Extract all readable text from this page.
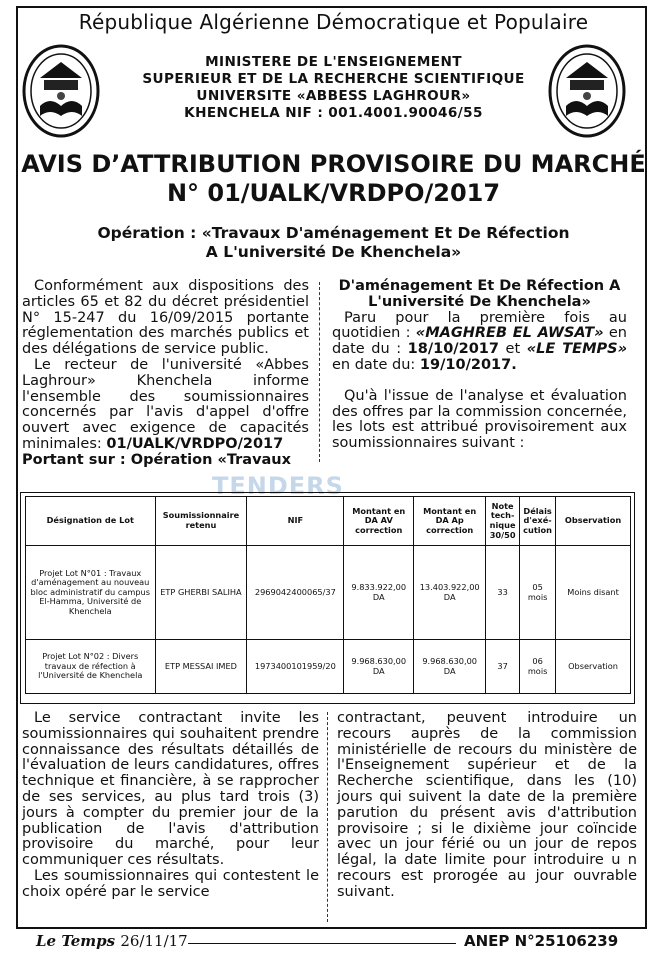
République Algérienne Démocratique et Populaire
MINISTERE DE L'ENSEIGNEMENT
SUPERIEUR ET DE LA RECHERCHE SCIENTIFIQUE
UNIVERSITE «ABBESS LAGHROUR»
KHENCHELA NIF : 001.4001.90046/55
AVIS D’ATTRIBUTION PROVISOIRE DU MARCHÉ
N° 01/UALK/VRDPO/2017
Opération : «Travaux D'aménagement Et De Réfection
A L'université De Khenchela»

Conformément aux dispositions des articles 65 et 82 du décret présidentiel N° 15-247 du 16/09/2015 portante réglementation des marchés publics et des délégations de service public.

Le recteur de l'université «Abbes Laghrour» Khenchela informe l'ensemble des soumissionnaires concernés par l'avis d'appel d'offre ouvert avec exigence de capacités minimales: 01/UALK/VRDPO/2017

Portant sur : Opération «Travaux

D'aménagement Et De Réfection A L'université De Khenchela»

Paru pour la première fois au quotidien : «MAGHREB EL AWSAT» en date du : 18/10/2017 et «LE TEMPS» en date du: 19/10/2017.

Qu'à l'issue de l'analyse et évaluation des offres par la commission concernée, les lots est attribué provisoirement aux soumissionnaires suivant :

TENDERS
Désignation de Lot	Soumissionnaire retenu	NIF	Montant en DA AV correction	Montant en DA Ap correction	Note tech-nique 30/50	Délais d'exé-cution	Observation
Projet Lot N°01 : Travaux d'aménagement au nouveau bloc administratif du campus El-Hamma, Université de Khenchela	ETP GHERBI SALIHA	2969042400065/37	9.833.922,00 DA	13.403.922,00 DA	33	05 mois	Moins disant
Projet Lot N°02 : Divers travaux de réfection à l'Université de Khenchela	ETP MESSAI IMED	1973400101959/20	9.968.630,00 DA	9.968.630,00 DA	37	06 mois	Observation

Le service contractant invite les soumissionnaires qui souhaitent prendre connaissance des résultats détaillés de l'évaluation de leurs candidatures, offres technique et financière, à se rapprocher de ses services, au plus tard trois (3) jours à compter du premier jour de la publication de l'avis d'attribution provisoire du marché, pour leur communiquer ces résultats.

Les soumissionnaires qui contestent le choix opéré par le service

contractant, peuvent introduire un recours auprès de la commission ministérielle de recours du ministère de l'Enseignement supérieur et de la Recherche scientifique, dans les (10) jours qui suivent la date de la première parution du présent avis d'attribution provisoire ; si le dixième jour coïncide avec un jour férié ou un jour de repos légal, la date limite pour introduire u n recours est prorogée au jour ouvrable suivant.

Le Temps 26/11/17	ANEP N°25106239
